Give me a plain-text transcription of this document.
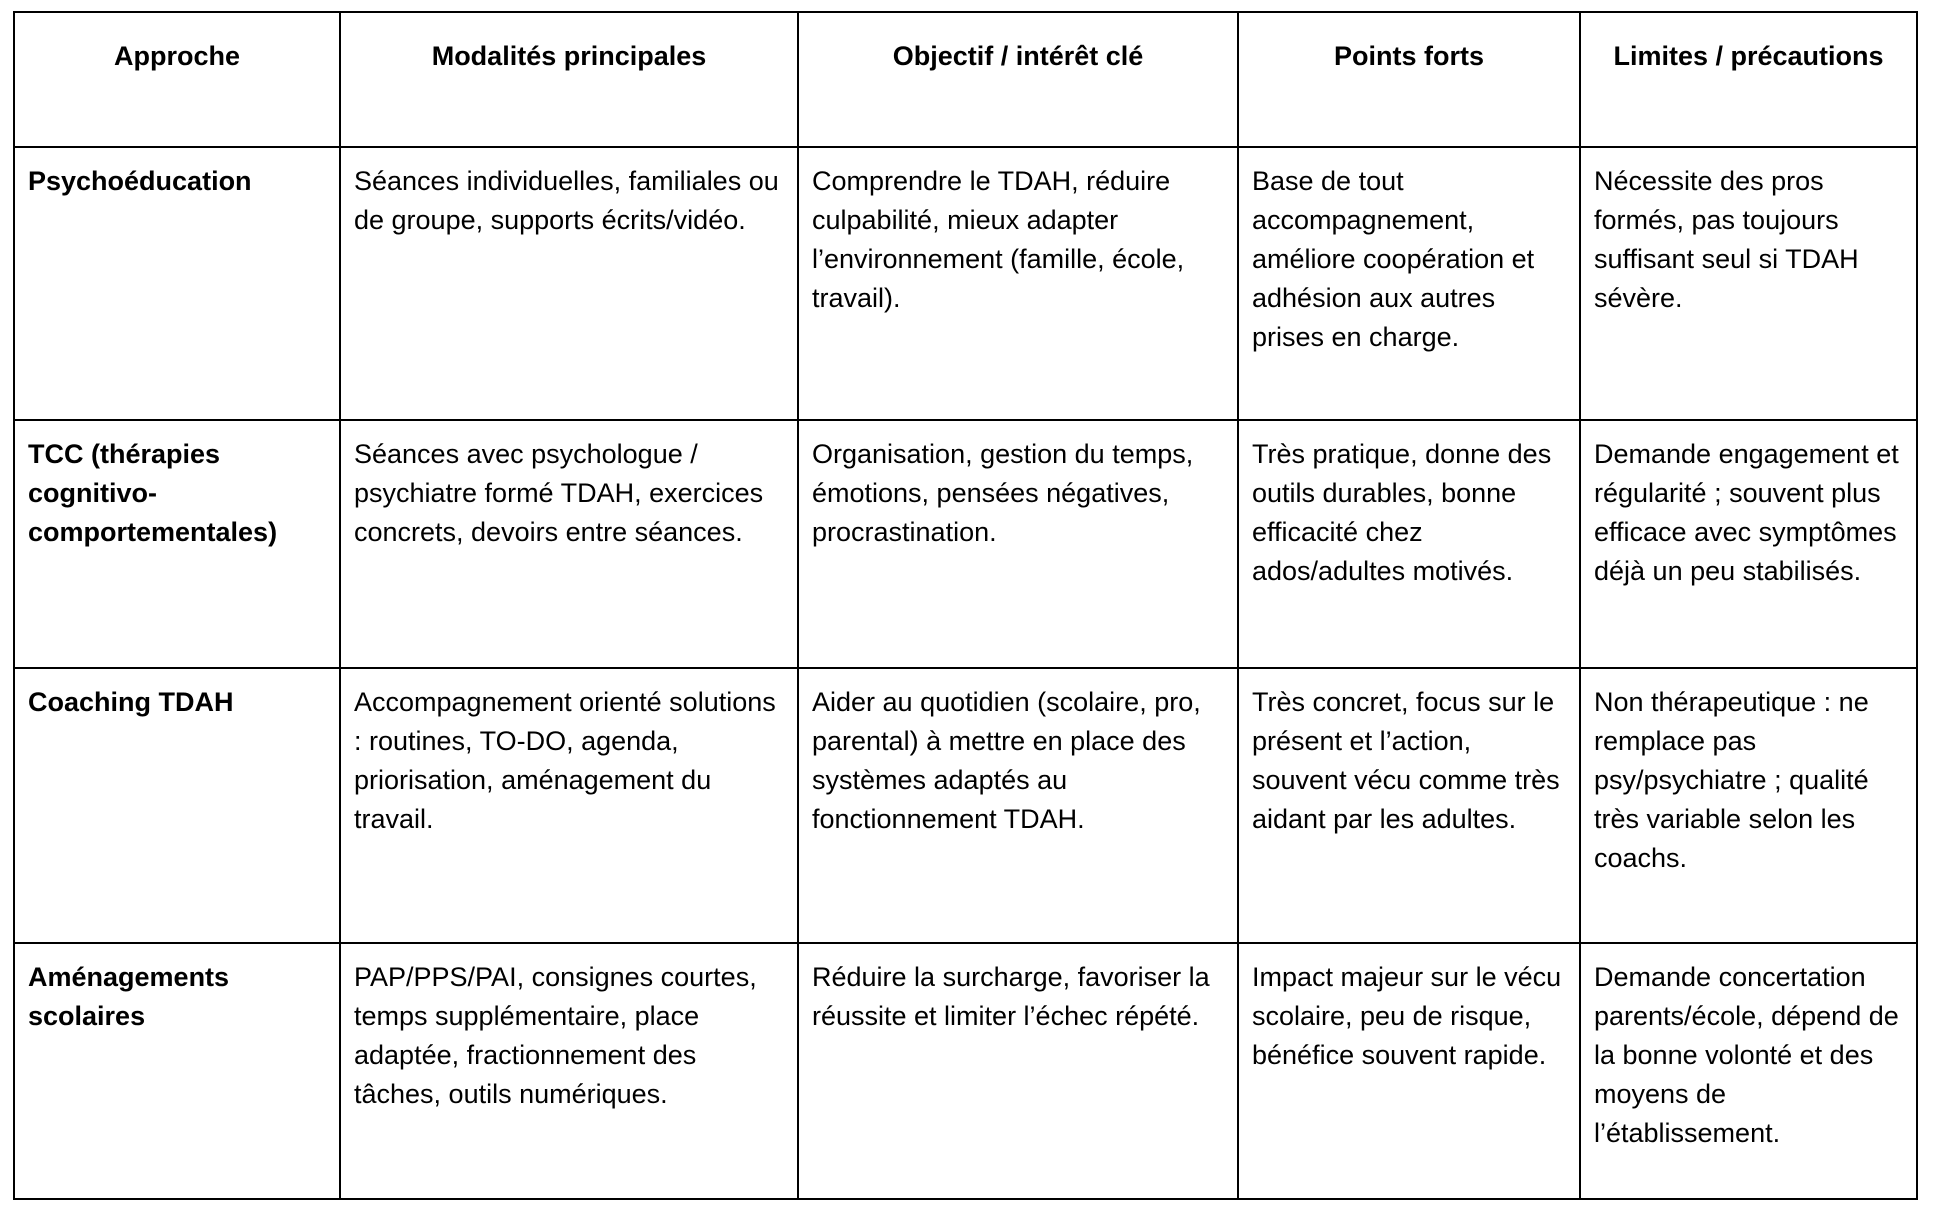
Approche	Modalités principales	Objectif / intérêt clé	Points forts	Limites / précautions
Psychoéducation	Séances individuelles, familiales ou de groupe, supports écrits/vidéo.	Comprendre le TDAH, réduire culpabilité, mieux adapter l’environnement (famille, école, travail).	Base de tout accompagnement, améliore coopération et adhésion aux autres prises en charge.	Nécessite des pros formés, pas toujours suffisant seul si TDAH sévère.
TCC (thérapies cognitivo-comportementales)	Séances avec psychologue / psychiatre formé TDAH, exercices concrets, devoirs entre séances.	Organisation, gestion du temps, émotions, pensées négatives, procrastination.	Très pratique, donne des outils durables, bonne efficacité chez ados/adultes motivés.	Demande engagement et régularité ; souvent plus efficace avec symptômes déjà un peu stabilisés.
Coaching TDAH	Accompagnement orienté solutions : routines, TO-DO, agenda, priorisation, aménagement du travail.	Aider au quotidien (scolaire, pro, parental) à mettre en place des systèmes adaptés au fonctionnement TDAH.	Très concret, focus sur le présent et l’action, souvent vécu comme très aidant par les adultes.	Non thérapeutique : ne remplace pas psy/psychiatre ; qualité très variable selon les coachs.
Aménagements scolaires	PAP/PPS/PAI, consignes courtes, temps supplémentaire, place adaptée, fractionnement des tâches, outils numériques.	Réduire la surcharge, favoriser la réussite et limiter l’échec répété.	Impact majeur sur le vécu scolaire, peu de risque, bénéfice souvent rapide.	Demande concertation parents/école, dépend de la bonne volonté et des moyens de l’établissement.
